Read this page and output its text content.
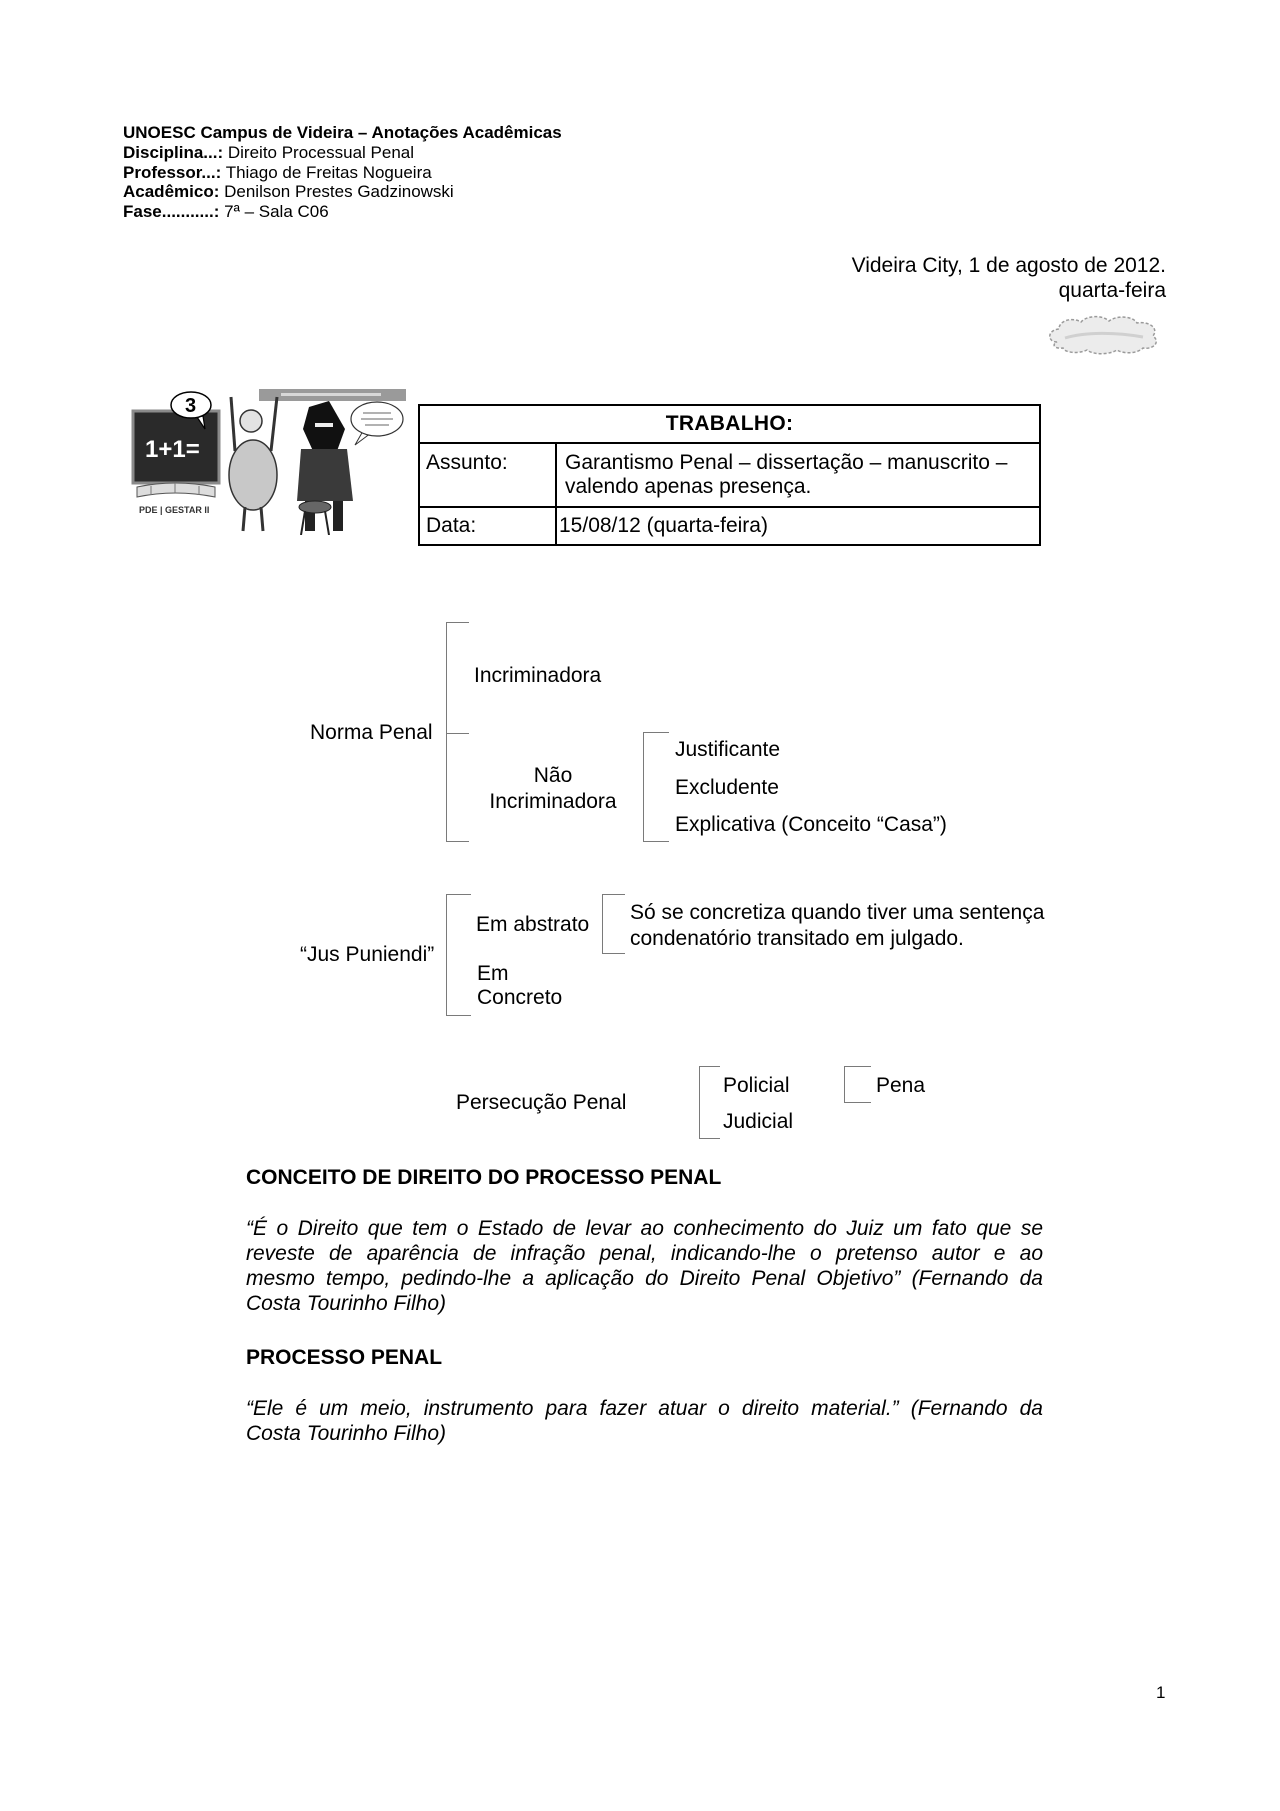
UNOESC Campus de Videira – Anotações Acadêmicas
Disciplina...: Direito Processual Penal
Professor...: Thiago de Freitas Nogueira
Acadêmico: Denilson Prestes Gadzinowski
Fase...........: 7ª – Sala C06
Videira City, 1 de agosto de 2012.
quarta-feira
1+1=
PDE | GESTAR II
3
TRABALHO:
Assunto:	Garantismo Penal – dissertação – manuscrito –
valendo apenas presença.
Data:	15/08/12 (quarta-feira)
Norma Penal
Incriminadora
Não
Incriminadora
Justificante
Excludente
Explicativa (Conceito “Casa”)
“Jus Puniendi”
Em abstrato
Em
Concreto
Só se concretiza quando tiver uma sentença
condenatório transitado em julgado.
Persecução Penal
Policial
Judicial
Pena
CONCEITO DE DIREITO DO PROCESSO PENAL
“É o Direito que tem o Estado de levar ao conhecimento do Juiz um fato que se
reveste de aparência de infração penal, indicando-lhe o pretenso autor e ao
mesmo tempo, pedindo-lhe a aplicação do Direito Penal Objetivo” (Fernando da
Costa Tourinho Filho)
PROCESSO PENAL
“Ele é um meio, instrumento para fazer atuar o direito material.” (Fernando da
Costa Tourinho Filho)
1
